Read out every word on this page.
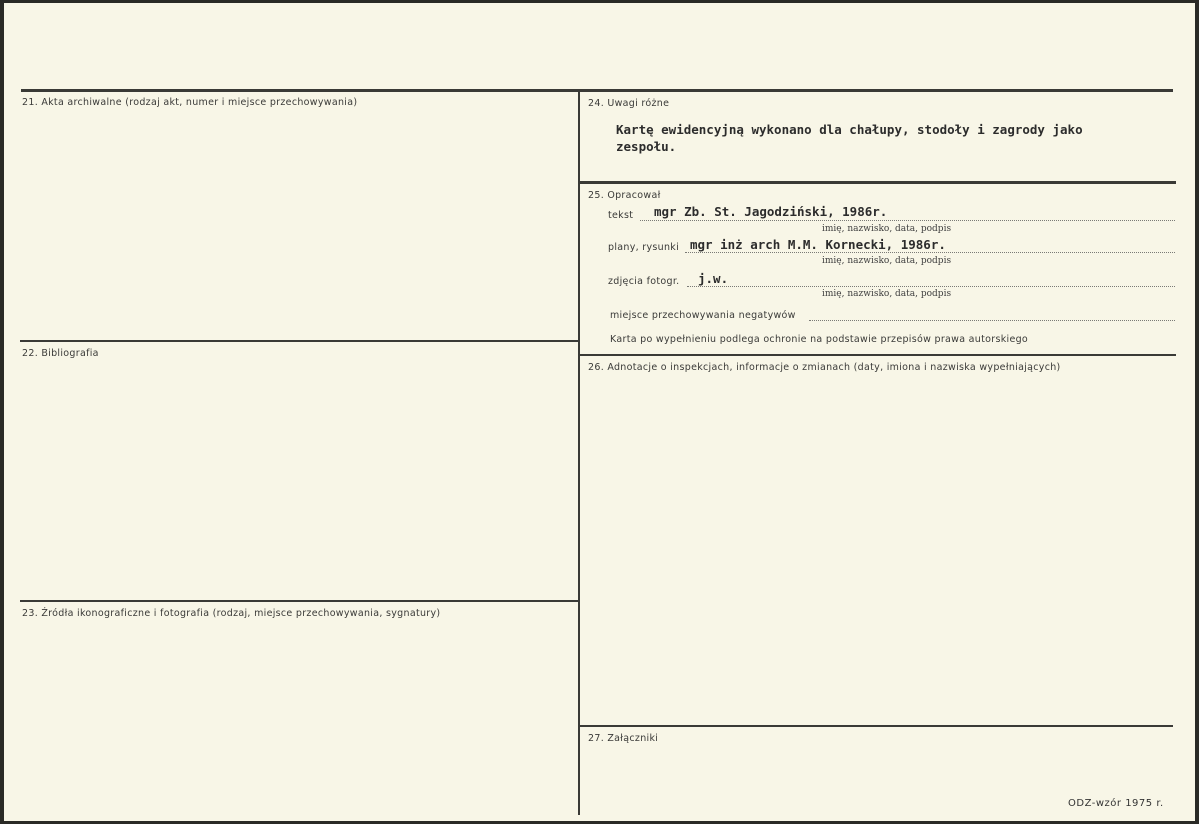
21. Akta archiwalne (rodzaj akt, numer i miejsce przechowywania)
22. Bibliografia
23. Źródła ikonograficzne i fotografia (rodzaj, miejsce przechowywania, sygnatury)
24. Uwagi różne
Kartę ewidencyjną wykonano dla chałupy, stodoły i zagrody jako
zespołu.
25. Opracował
tekst mgr Zb. St. Jagodziński, 1986r.
imię, nazwisko, data, podpis
plany, rysunki mgr inż arch M.M. Kornecki, 1986r.
imię, nazwisko, data, podpis
zdjęcia fotogr. j.w.
imię, nazwisko, data, podpis
miejsce przechowywania negatywów
Karta po wypełnieniu podlega ochronie na podstawie przepisów prawa autorskiego
26. Adnotacje o inspekcjach, informacje o zmianach (daty, imiona i nazwiska wypełniających)
27. Załączniki
ODZ-wzór 1975 r.
